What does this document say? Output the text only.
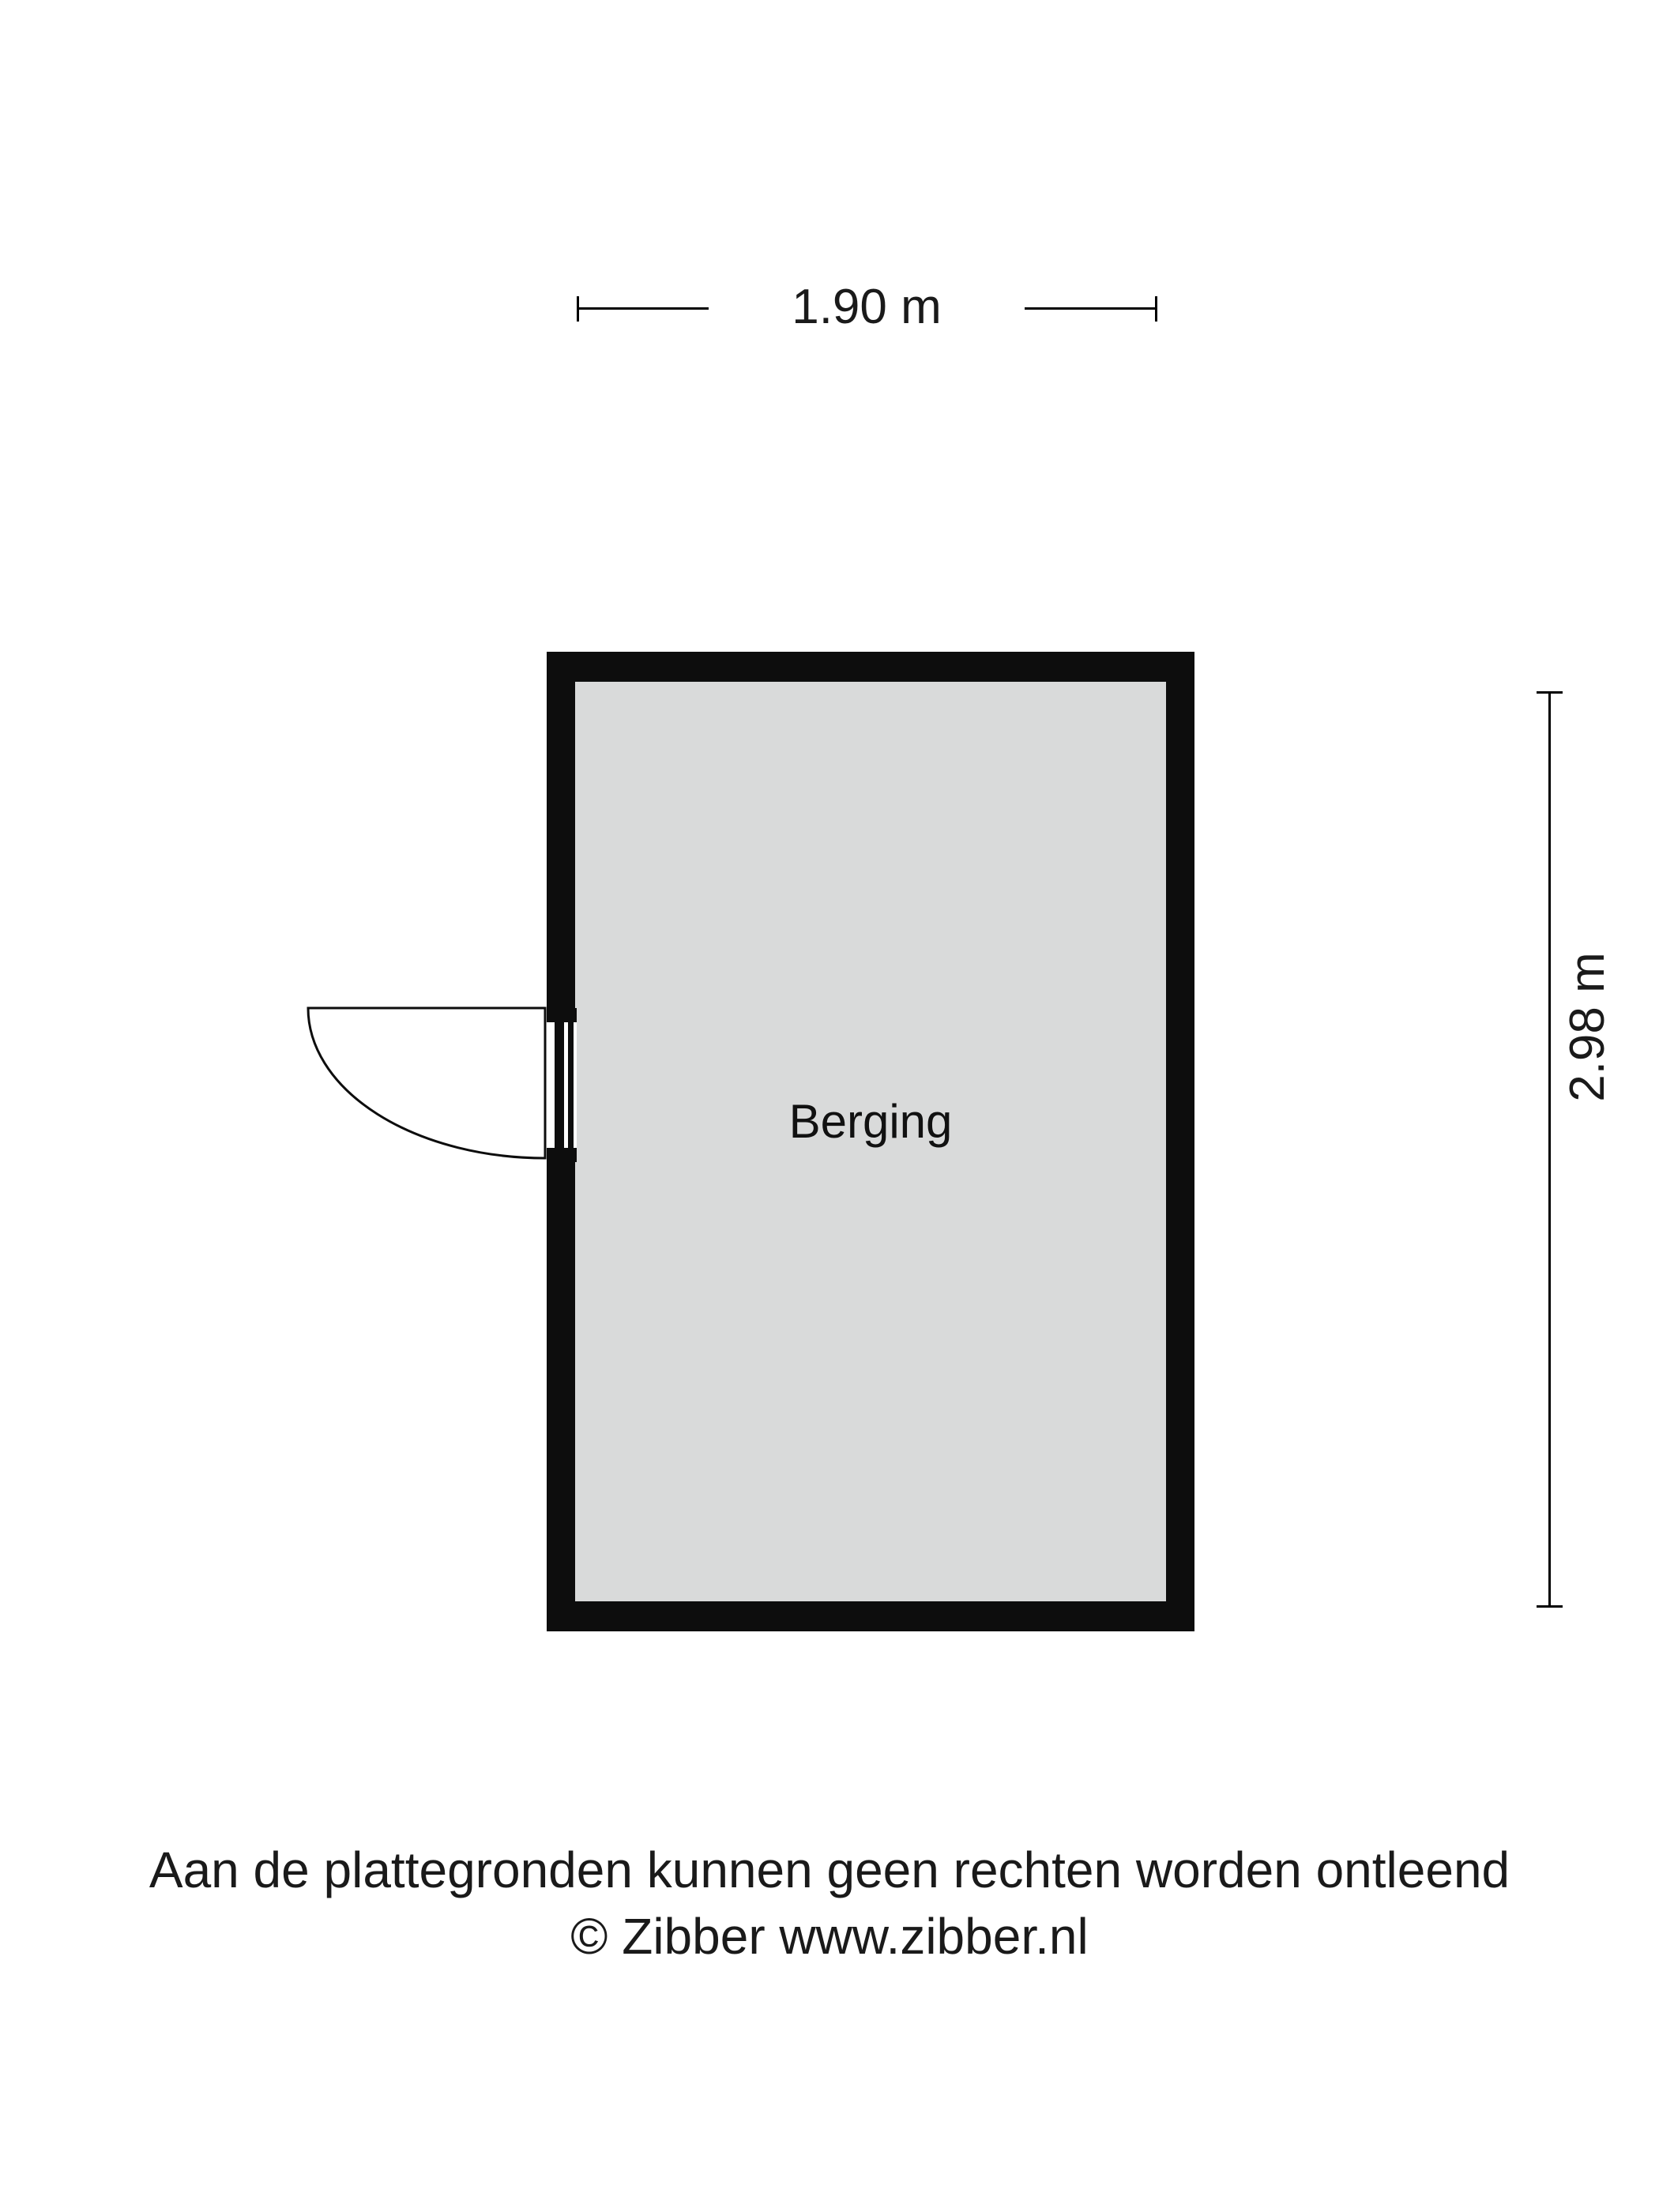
1.90 m
2.98 m
Berging
Aan de plattegronden kunnen geen rechten worden ontleend
© Zibber www.zibber.nl
